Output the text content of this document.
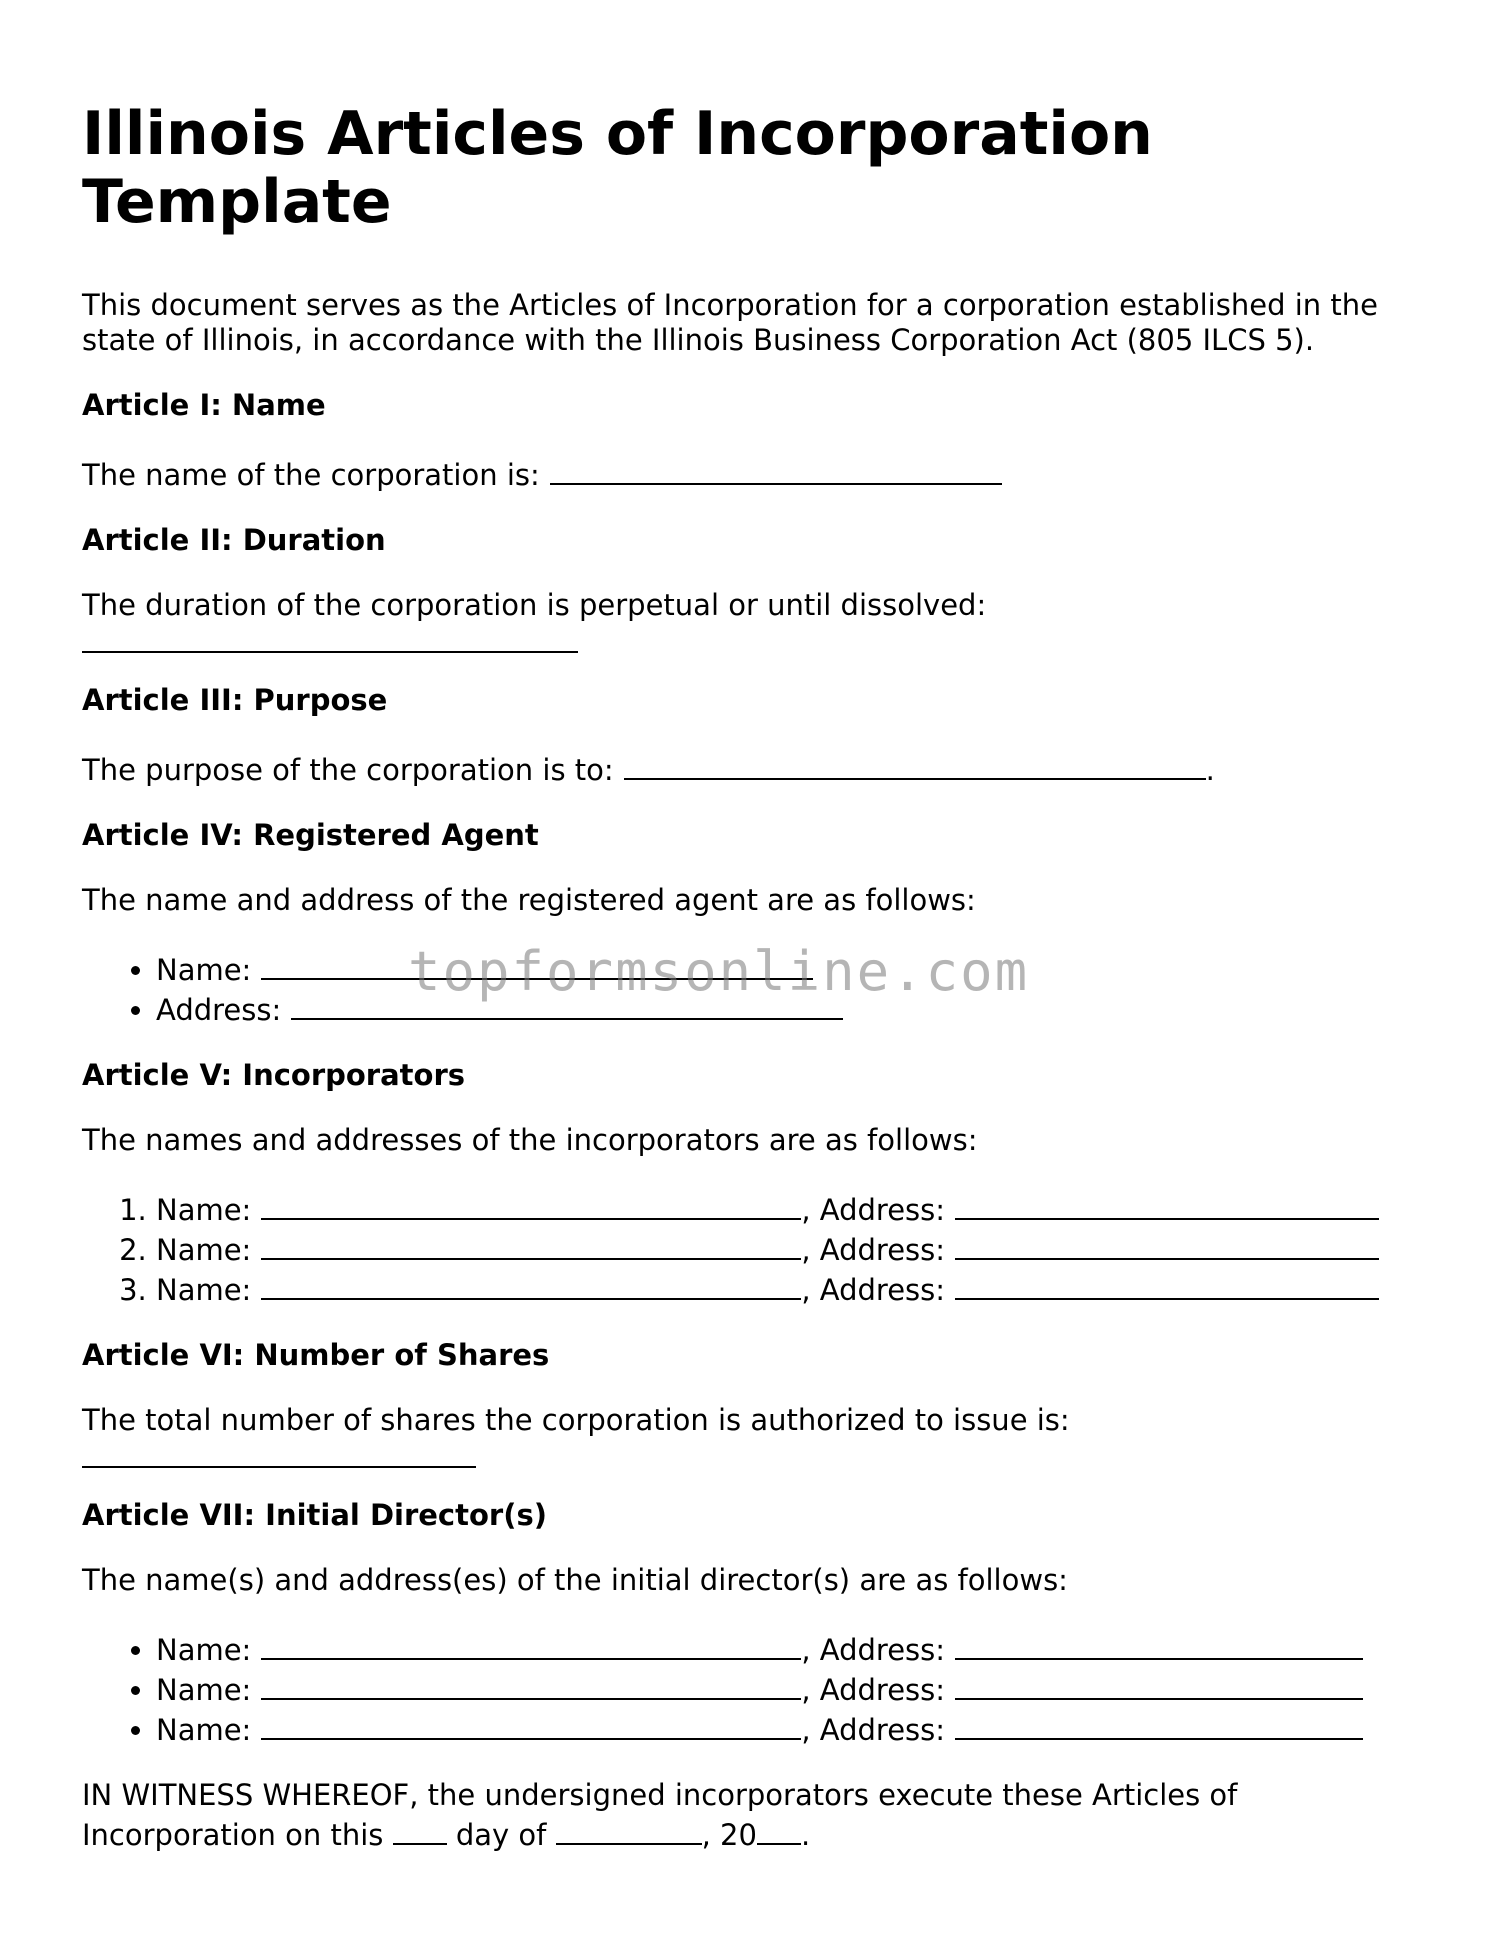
Illinois Articles of Incorporation Template

This document serves as the Articles of Incorporation for a corporation established in the state of Illinois, in accordance with the Illinois Business Corporation Act (805 ILCS 5).

Article I: Name

The name of the corporation is:

Article II: Duration

The duration of the corporation is perpetual or until dissolved:

Article III: Purpose

The purpose of the corporation is to:	.

Article IV: Registered Agent

The name and address of the registered agent are as follows:

• Name:
• Address:
Article V: Incorporators

The names and addresses of the incorporators are as follows:

1. Name:	, Address:
2. Name:	, Address:
3. Name:	, Address:
Article VI: Number of Shares

The total number of shares the corporation is authorized to issue is:

Article VII: Initial Director(s)

The name(s) and address(es) of the initial director(s) are as follows:

• Name:	, Address:
• Name:	, Address:
• Name:	, Address:

IN WITNESS WHEREOF, the undersigned incorporators execute these Articles of Incorporation on this day of	, 20 .

topformsonline.com
